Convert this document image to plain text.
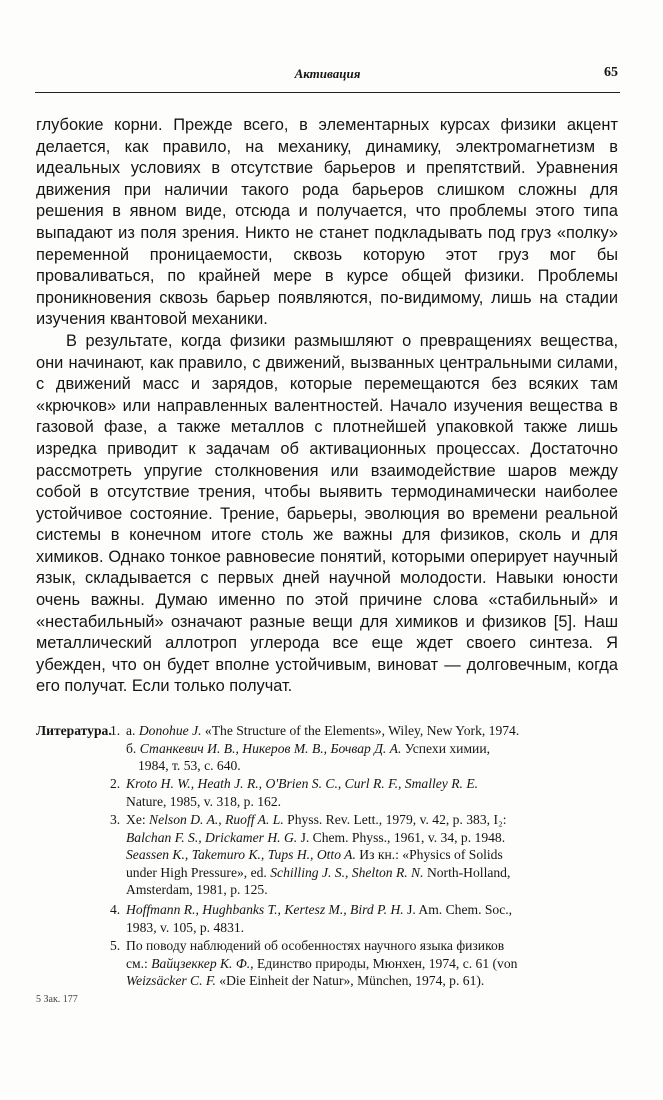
Активация	65

глубокие корни. Прежде всего, в элементарных курсах физики акцент делается, как правило, на механику, динамику, электромагнетизм в идеальных условиях в отсутствие барьеров и препятствий. Уравнения движения при наличии такого рода барьеров слишком сложны для решения в явном виде, отсюда и получается, что проблемы этого типа выпадают из поля зрения. Никто не станет подкладывать под груз «полку» переменной проницаемости, сквозь которую этот груз мог бы проваливаться, по крайней мере в курсе общей физики. Проблемы проникновения сквозь барьер появляются, по-видимому, лишь на стадии изучения квантовой механики.

В результате, когда физики размышляют о превращениях вещества, они начинают, как правило, с движений, вызванных центральными силами, с движений масс и зарядов, которые перемещаются без всяких там «крючков» или направленных валентностей. Начало изучения вещества в газовой фазе, а также металлов с плотнейшей упаковкой также лишь изредка приводит к задачам об активационных процессах. Достаточно рассмотреть упругие столкновения или взаимодействие шаров между собой в отсутствие трения, чтобы выявить термодинамически наиболее устойчивое состояние. Трение, барьеры, эволюция во времени реальной системы в конечном итоге столь же важны для физиков, сколь и для химиков. Однако тонкое равновесие понятий, которыми оперирует научный язык, складывается с первых дней научной молодости. Навыки юности очень важны. Думаю именно по этой причине слова «стабильный» и «нестабильный» означают разные вещи для химиков и физиков [5]. Наш металлический аллотроп углерода все еще ждет своего синтеза. Я убежден, что он будет вполне устойчивым, виноват — долговечным, когда его получат. Если только получат.

Литература.
1. а. Donohue J. «The Structure of the Elements», Wiley, New York, 1974.
б. Станкевич И. В., Никеров М. В., Бочвар Д. А. Успехи химии,
1984, т. 53, с. 640.
2. Kroto H. W., Heath J. R., O'Brien S. C., Curl R. F., Smalley R. E.
Nature, 1985, v. 318, p. 162.
3. Xe: Nelson D. A., Ruoff A. L. Physs. Rev. Lett., 1979, v. 42, p. 383, I₂:
Balchan F. S., Drickamer H. G. J. Chem. Physs., 1961, v. 34, p. 1948.
Seassen K., Takemuro K., Tups H., Otto A. Из кн.: «Physics of Solids
under High Pressure», ed. Schilling J. S., Shelton R. N. North-Holland,
Amsterdam, 1981, p. 125.
4. Hoffmann R., Hughbanks T., Kertesz M., Bird P. H. J. Am. Chem. Soc.,
1983, v. 105, p. 4831.
5. По поводу наблюдений об особенностях научного языка физиков
см.: Вайцзеккер К. Ф., Единство природы, Мюнхен, 1974, с. 61 (von
Weizsäcker C. F. «Die Einheit der Natur», München, 1974, p. 61).
5 Зак. 177
